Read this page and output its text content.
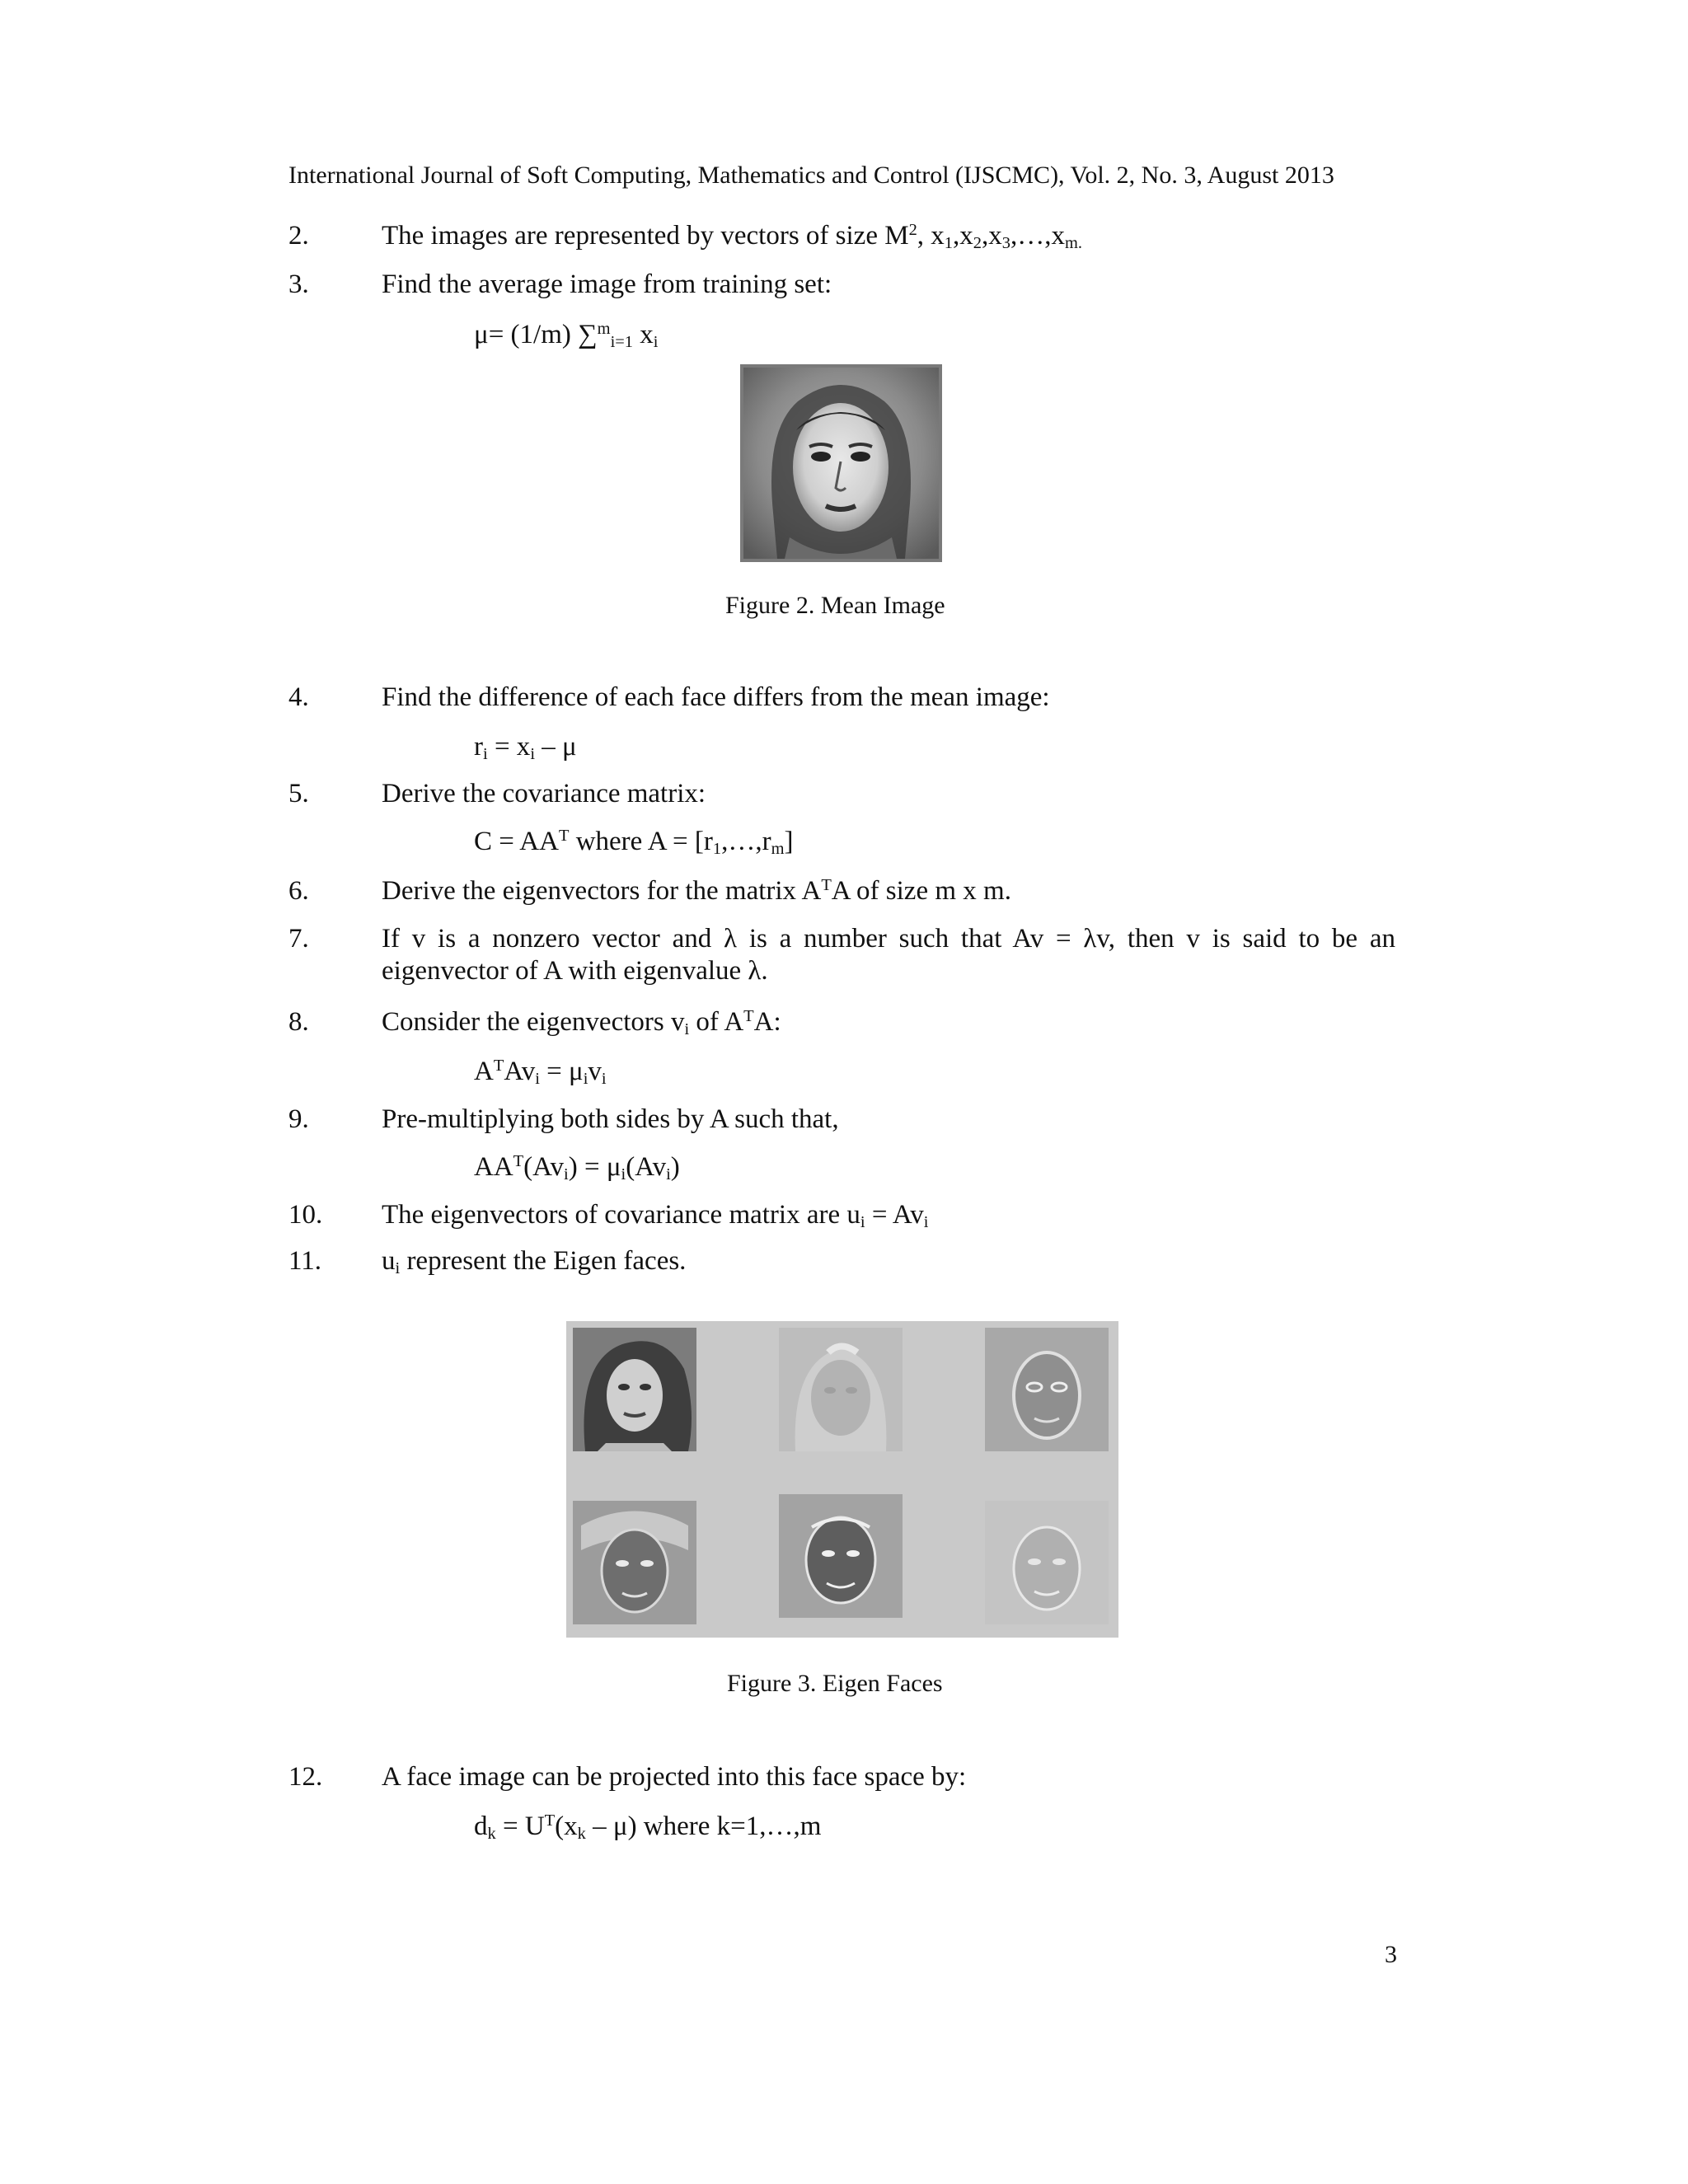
International Journal of Soft Computing, Mathematics and Control (IJSCMC), Vol. 2, No. 3, August 2013
2.	The images are represented by vectors of size $M^2$, $x_1,x_2,x_3,\dots,x_{m.}$
3.	Find the average image from training set:
μ= (1/m) ∑$^m_{i=1}$ $x_i$
Figure 2. Mean Image
4.	Find the difference of each face differs from the mean image:
$r_i = x_i - \mu$
5.	Derive the covariance matrix:
$C = AA^T$ where $A = [r_1,\dots,r_m]$
6.	Derive the eigenvectors for the matrix $A^TA$ of size m x m.
7.	If v is a nonzero vector and λ is a number such that Av = λv, then v is said to be an
eigenvector of A with eigenvalue λ.
8.	Consider the eigenvectors $v_i$ of $A^TA$:
$A^TAv_i = \mu_iv_i$
9.	Pre-multiplying both sides by A such that,
$AA^T(Av_i) = \mu_i(Av_i)$
10. The eigenvectors of covariance matrix are $u_i = Av_i$
11. $u_i$ represent the Eigen faces.
Figure 3. Eigen Faces
12. A face image can be projected into this face space by:
$d_k = U^T(x_k - \mu)$ where k=1,…,m
3
